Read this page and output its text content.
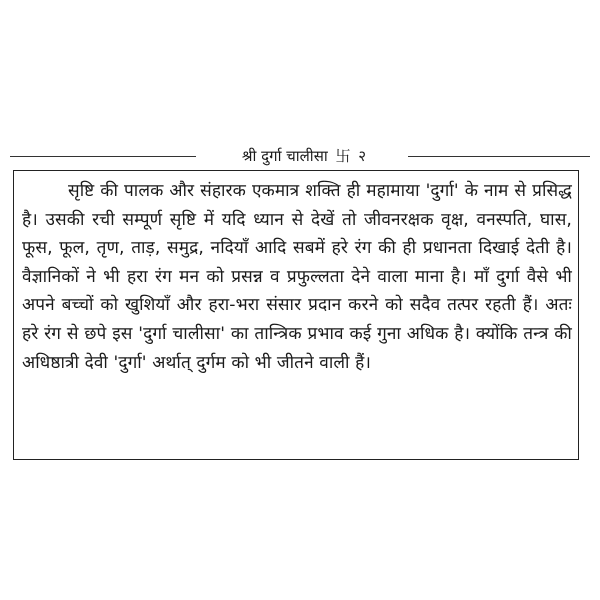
श्री दुर्गा चालीसा 卐 २

सृष्टि की पालक और संहारक एकमात्र शक्ति ही महामाया 'दुर्गा' के नाम से प्रसिद्ध है। उसकी रची सम्पूर्ण सृष्टि में यदि ध्यान से देखें तो जीवनरक्षक वृक्ष, वनस्पति, घास, फूस, फूल, तृण, ताड़, समुद्र, नदियाँ आदि सबमें हरे रंग की ही प्रधानता दिखाई देती है। वैज्ञानिकों ने भी हरा रंग मन को प्रसन्न व प्रफुल्लता देने वाला माना है। माँ दुर्गा वैसे भी अपने बच्चों को खुशियाँ और हरा-भरा संसार प्रदान करने को सदैव तत्पर रहती हैं। अतः हरे रंग से छपे इस 'दुर्गा चालीसा' का तान्त्रिक प्रभाव कई गुना अधिक है। क्योंकि तन्त्र की अधिष्ठात्री देवी 'दुर्गा' अर्थात् दुर्गम को भी जीतने वाली हैं।
